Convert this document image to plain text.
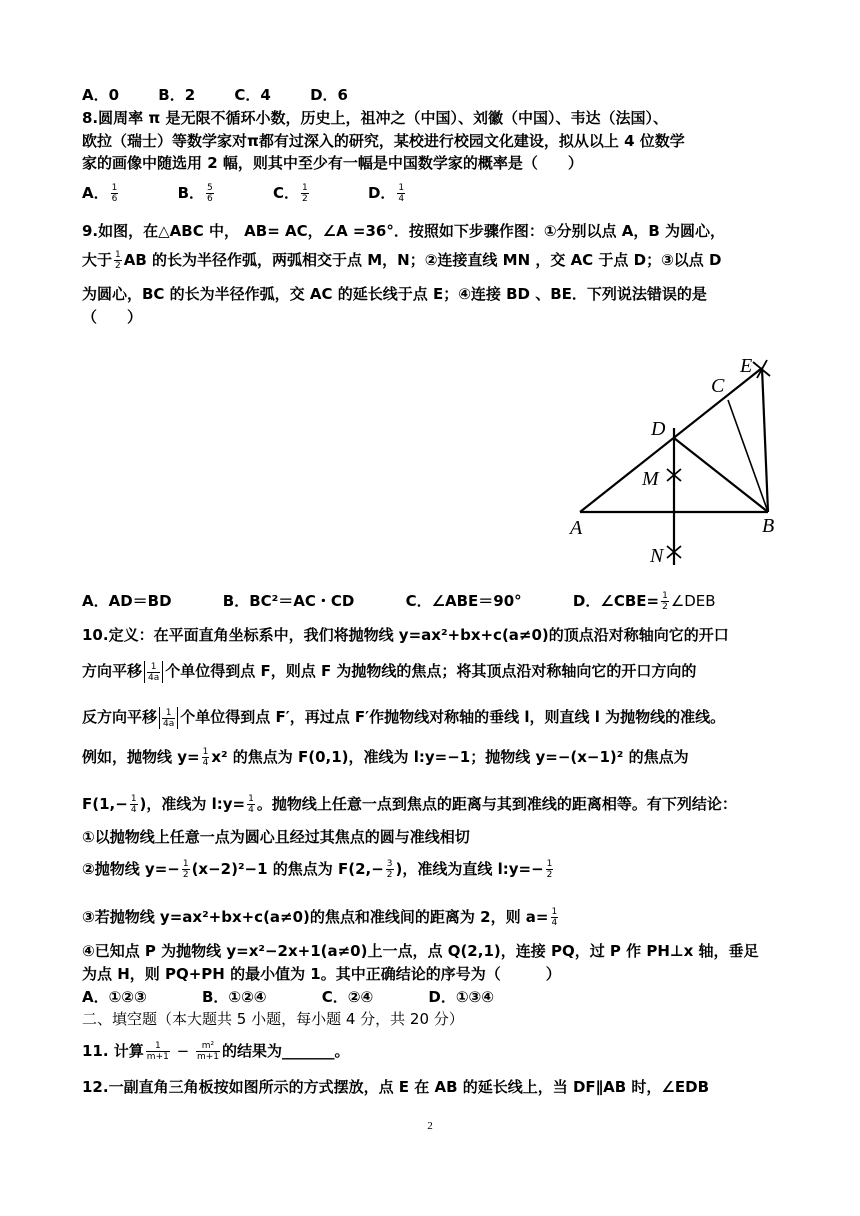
A．0	B．2	C．4	D．6
8.圆周率 π 是无限不循环小数，历史上，祖冲之（中国）、刘徽（中国）、韦达（法国）、
欧拉（瑞士）等数学家对π都有过深入的研究，某校进行校园文化建设，拟从以上 4 位数学
家的画像中随选用 2 幅，则其中至少有一幅是中国数学家的概率是（　　）
A． $\frac{1}{6}$	B． $\frac{5}{6}$	C． $\frac{1}{2}$	D． $\frac{1}{4}$
9.如图，在△ABC 中， AB= AC，∠A =36°．按照如下步骤作图：①分别以点 A，B 为圆心，
大于 $\frac{1}{2}$ AB 的长为半径作弧，两弧相交于点 M，N；②连接直线 MN ，交 AC 于点 D；③以点 D
为圆心，BC 的长为半径作弧，交 AC 的延长线于点 E；④连接 BD 、BE．下列说法错误的是
（　　）
A	B
C
D
E
M
N
A．AD＝BD	B．BC²＝AC・CD	C．∠ABE＝90°	D．∠CBE= $\frac{1}{2}$ ∠DEB
10.定义：在平面直角坐标系中，我们将抛物线 y=ax²+bx+c(a≠0)的顶点沿对称轴向它的开口
方向平移 $\frac{1}{4a}$ 个单位得到点 F，则点 F 为抛物线的焦点；将其顶点沿对称轴向它的开口方向的
反方向平移 $\frac{1}{4a}$ 个单位得到点 F′，再过点 F′作抛物线对称轴的垂线 l，则直线 l 为抛物线的准线。
例如，抛物线 $y= \frac{1}{4} x^2$ 的焦点为 F(0,1)，准线为 l:y=−1；抛物线 y=−(x−1)² 的焦点为
$F(1,- \frac{1}{4}$ )，准线为 l:y= $\frac{1}{4}$ 。抛物线上任意一点到焦点的距离与其到准线的距离相等。有下列结论：
①以抛物线上任意一点为圆心且经过其焦点的圆与准线相切
②抛物线 $y=- \frac{1}{2} (x-2)^2-1$ 的焦点为 $F(2,- \frac{3}{2}$ )，准线为直线 l:y=− $\frac{1}{2}$
③若抛物线 y=ax²+bx+c(a≠0)的焦点和准线间的距离为 2，则 $a= \frac{1}{4}$
④已知点 P 为抛物线 y=x²−2x+1(a≠0)上一点，点 Q(2,1)，连接 PQ，过 P 作 PH⊥x 轴，垂足
为点 H，则 PQ+PH 的最小值为 1。其中正确结论的序号为（　　　）
A．①②③	B．①②④	C．②④	D．①③④
二、填空题（本大题共 5 小题，每小题 4 分，共 20 分）
11. 计算 $\frac{1}{m+1} - \frac{\text{m²}}{m+1}$ 的结果为_______。
12.一副直角三角板按如图所示的方式摆放，点 E 在 AB 的延长线上，当 DF∥AB 时，∠EDB
2
